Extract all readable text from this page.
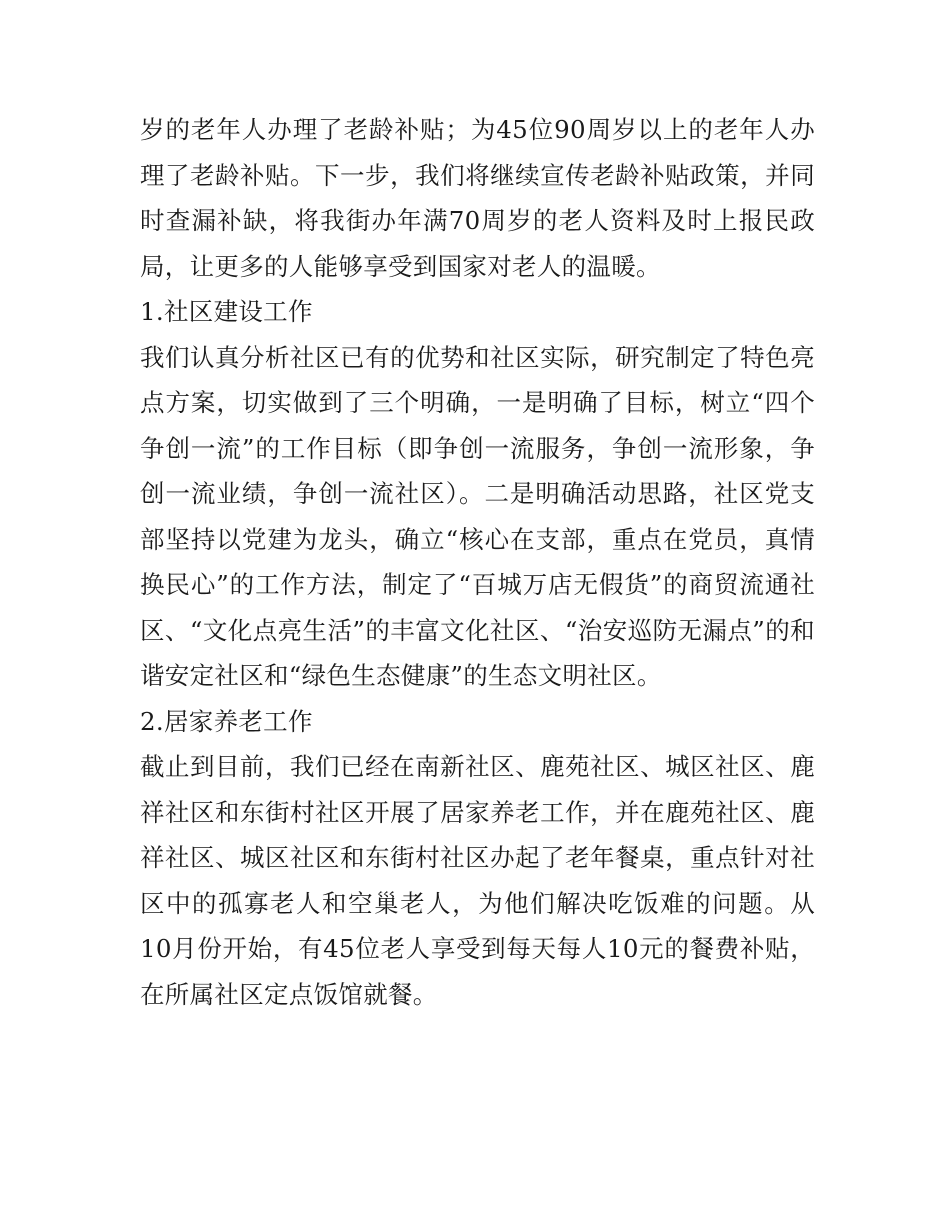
岁的老年人办理了老龄补贴；为45位90周岁以上的老年人办理了老龄补贴。下一步，我们将继续宣传老龄补贴政策，并同时查漏补缺，将我街办年满70周岁的老人资料及时上报民政局，让更多的人能够享受到国家对老人的温暖。

1.社区建设工作

我们认真分析社区已有的优势和社区实际，研究制定了特色亮点方案，切实做到了三个明确，一是明确了目标，树立“四个争创一流”的工作目标（即争创一流服务，争创一流形象，争创一流业绩，争创一流社区）。二是明确活动思路，社区党支部坚持以党建为龙头，确立“核心在支部，重点在党员，真情换民心”的工作方法，制定了“百城万店无假货”的商贸流通社区、“文化点亮生活”的丰富文化社区、“治安巡防无漏点”的和谐安定社区和“绿色生态健康”的生态文明社区。

2.居家养老工作

截止到目前，我们已经在南新社区、鹿苑社区、城区社区、鹿祥社区和东街村社区开展了居家养老工作，并在鹿苑社区、鹿祥社区、城区社区和东街村社区办起了老年餐桌，重点针对社区中的孤寡老人和空巢老人，为他们解决吃饭难的问题。从10月份开始，有45位老人享受到每天每人10元的餐费补贴，在所属社区定点饭馆就餐。
